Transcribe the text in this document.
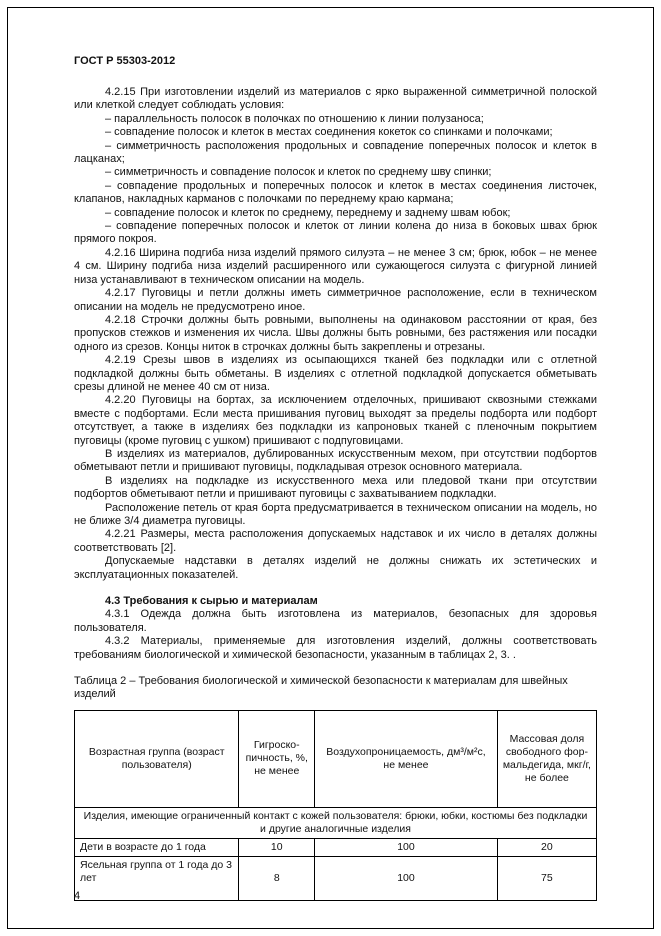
ГОСТ Р 55303-2012

4.2.15 При изготовлении изделий из материалов с ярко выраженной симметричной полоской или клеткой следует соблюдать условия:

– параллельность полосок в полочках по отношению к линии полузаноса;

– совпадение полосок и клеток в местах соединения кокеток со спинками и полочками;

– симметричность расположения продольных и совпадение поперечных полосок и клеток в лацканах;

– симметричность и совпадение полосок и клеток по среднему шву спинки;

– совпадение продольных и поперечных полосок и клеток в местах соединения листочек, клапанов, накладных карманов с полочками по переднему краю кармана;

– совпадение полосок и клеток по среднему, переднему и заднему швам юбок;

– совпадение поперечных полосок и клеток от линии колена до низа в боковых швах брюк прямого покроя.

4.2.16 Ширина подгиба низа изделий прямого силуэта – не менее 3 см; брюк, юбок – не менее 4 см. Ширину подгиба низа изделий расширенного или сужающегося силуэта с фигурной линией низа устанавливают в техническом описании на модель.

4.2.17 Пуговицы и петли должны иметь симметричное расположение, если в техническом описании на модель не предусмотрено иное.

4.2.18 Строчки должны быть ровными, выполнены на одинаковом расстоянии от края, без пропусков стежков и изменения их числа. Швы должны быть ровными, без растяжения или посадки одного из срезов. Концы ниток в строчках должны быть закреплены и отрезаны.

4.2.19 Срезы швов в изделиях из осыпающихся тканей без подкладки или с отлетной подкладкой должны быть обметаны. В изделиях с отлетной подкладкой допускается обметывать срезы длиной не менее 40 см от низа.

4.2.20 Пуговицы на бортах, за исключением отделочных, пришивают сквозными стежками вместе с подбортами. Если места пришивания пуговиц выходят за пределы подборта или подборт отсутствует, а также в изделиях без подкладки из капроновых тканей с пленочным покрытием пуговицы (кроме пуговиц с ушком) пришивают с подпуговицами.

В изделиях из материалов, дублированных искусственным мехом, при отсутствии подбортов обметывают петли и пришивают пуговицы, подкладывая отрезок основного материала.

В изделиях на подкладке из искусственного меха или пледовой ткани при отсутствии подбортов обметывают петли и пришивают пуговицы с захватыванием подкладки.

Расположение петель от края борта предусматривается в техническом описании на модель, но не ближе 3/4 диаметра пуговицы.

4.2.21 Размеры, места расположения допускаемых надставок и их число в деталях должны соответствовать [2].

Допускаемые надставки в деталях изделий не должны снижать их эстетических и эксплуатационных показателей.

4.3 Требования к сырью и материалам

4.3.1 Одежда должна быть изготовлена из материалов, безопасных для здоровья пользователя.

4.3.2 Материалы, применяемые для изготовления изделий, должны соответствовать требованиям биологической и химической безопасности, указанным в таблицах 2, 3. .

Таблица 2 – Требования биологической и химической безопасности к материалам для швейных изделий

Возрастная группа (возраст пользователя)	Гигроско-пичность, %, не менее	Воздухопроницаемость, дм³/м²с, не менее	Массовая доля свободного фор-мальдегида, мкг/г, не более
Изделия, имеющие ограниченный контакт с кожей пользователя: брюки, юбки, костюмы без подкладки и другие аналогичные изделия			
Дети в возрасте до 1 года	10	100	20
Ясельная группа от 1 года до 3 лет	8	100	75
4
